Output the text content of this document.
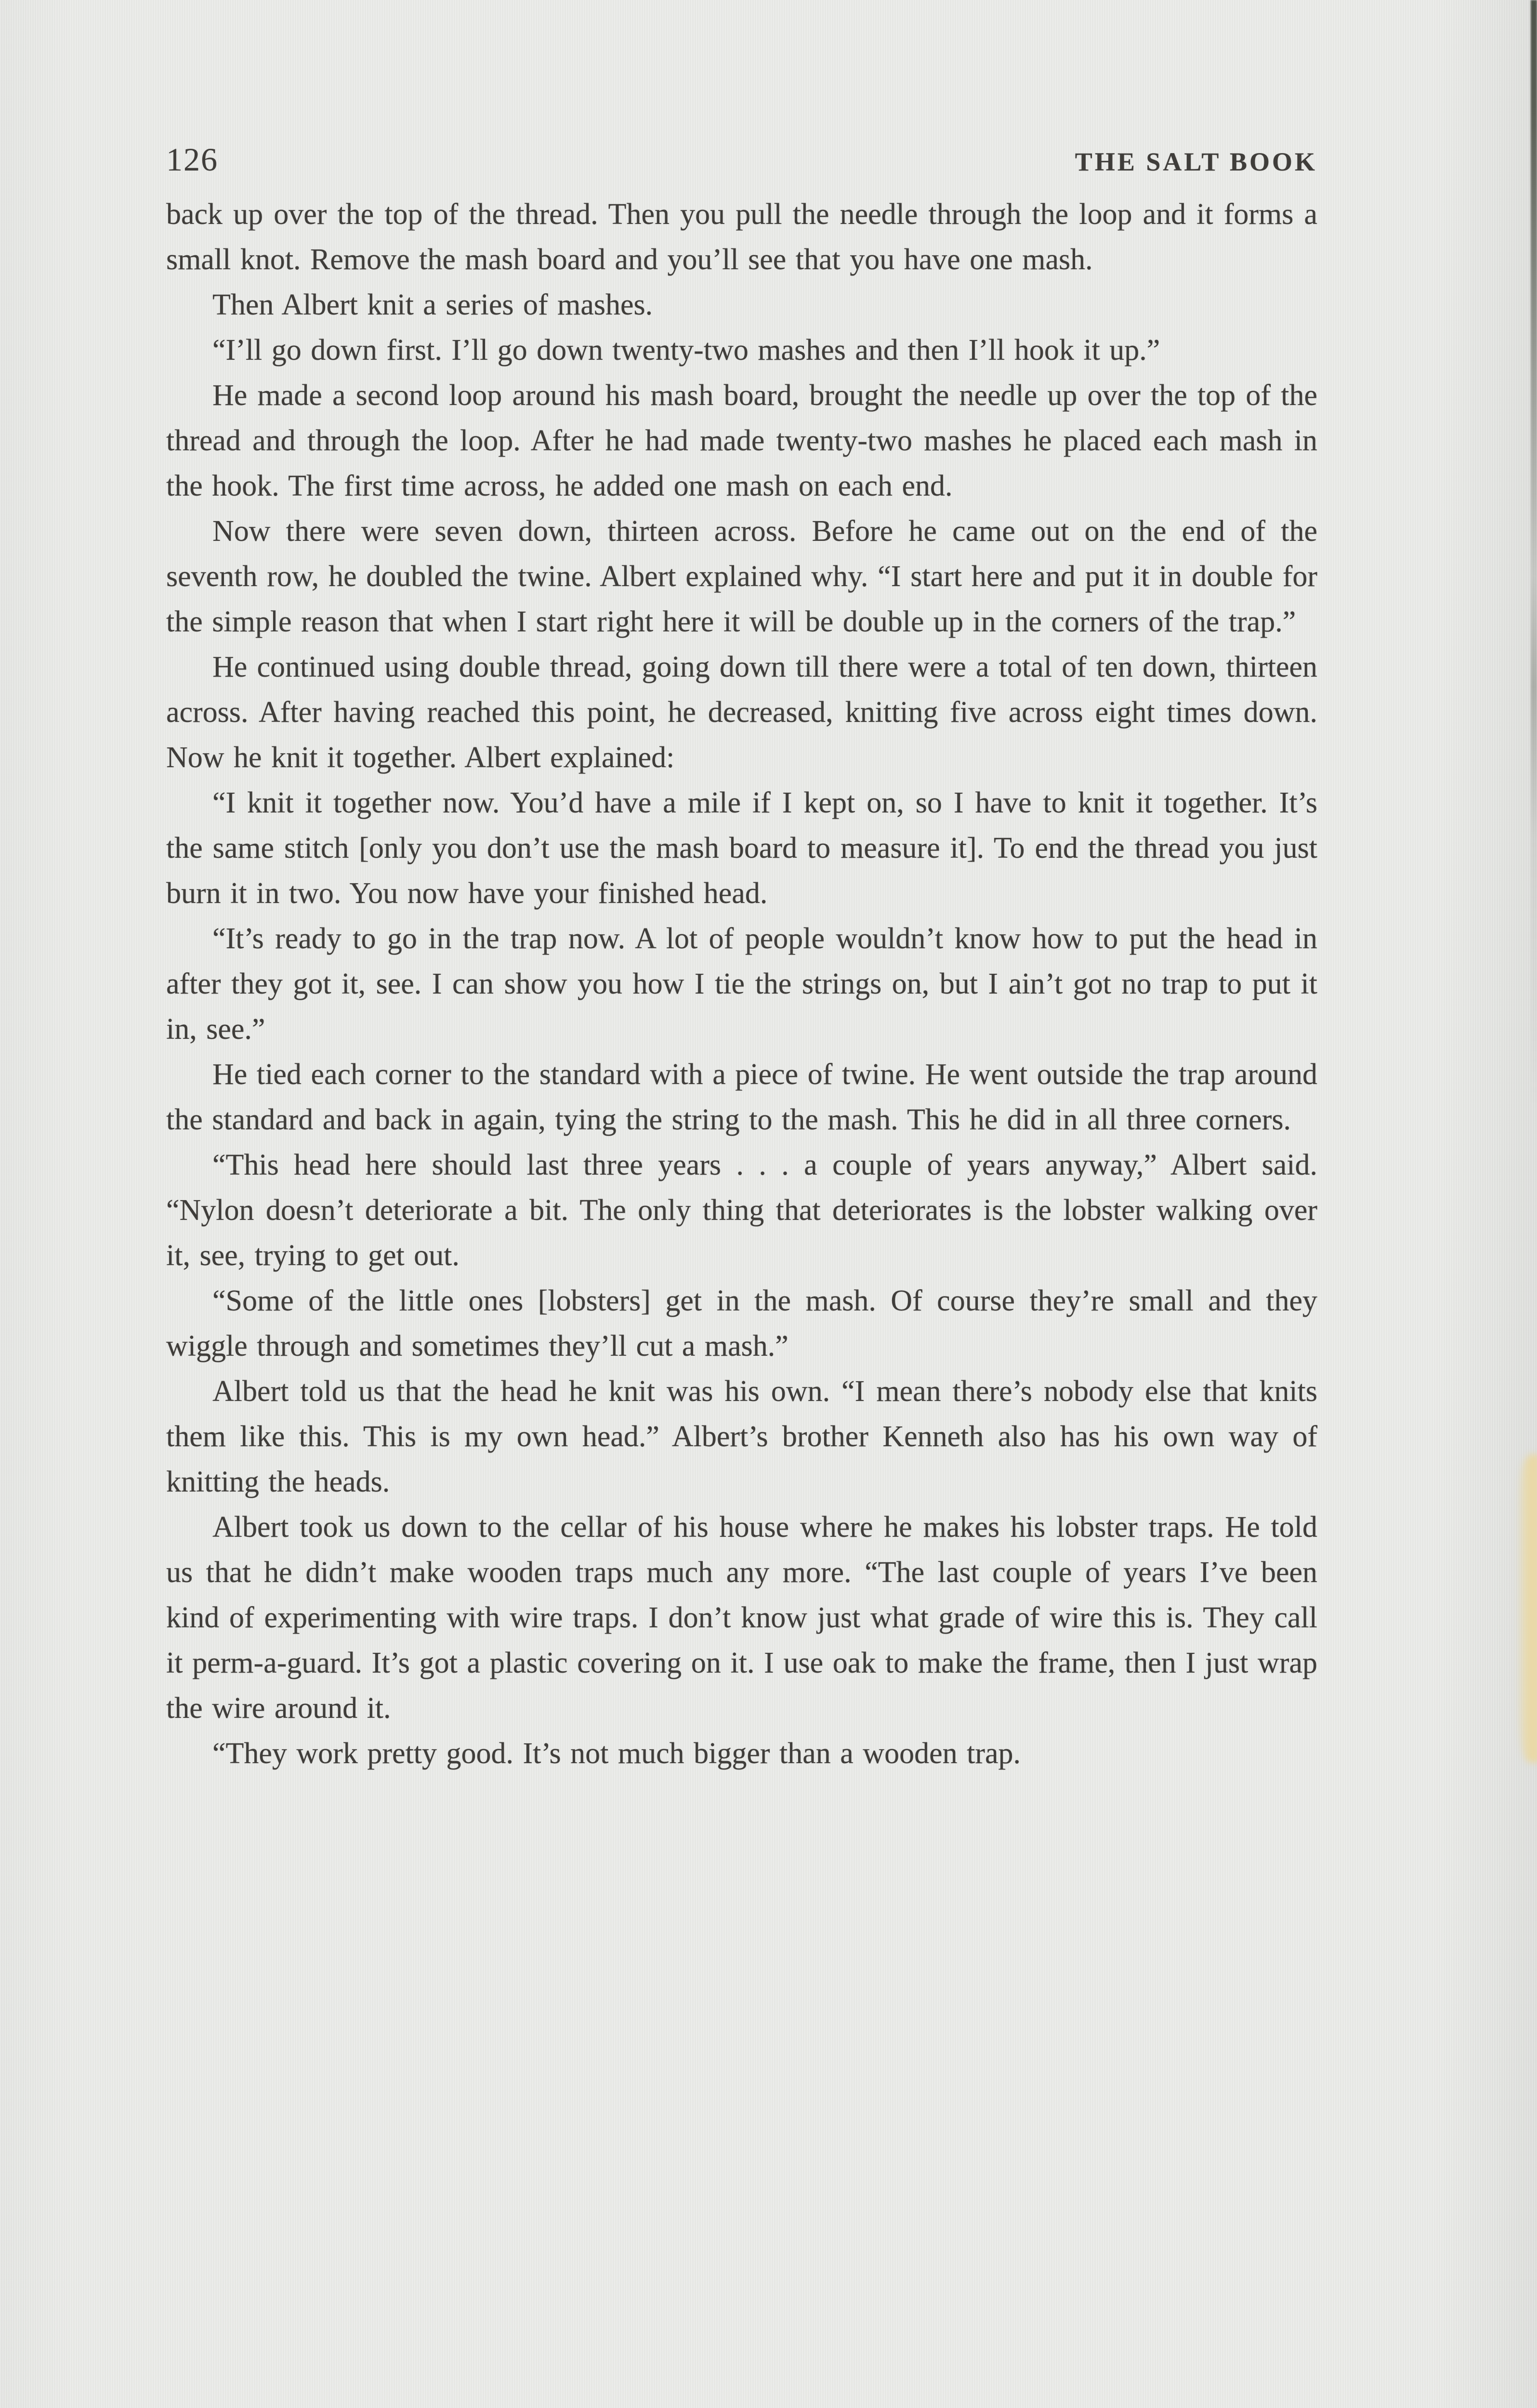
126	THE SALT BOOK

back up over the top of the thread. Then you pull the needle through the loop and it forms a small knot. Remove the mash board and you’ll see that you have one mash.

Then Albert knit a series of mashes.

“I’ll go down first. I’ll go down twenty-two mashes and then I’ll hook it up.”

He made a second loop around his mash board, brought the needle up over the top of the thread and through the loop. After he had made twenty-two mashes he placed each mash in the hook. The first time across, he added one mash on each end.

Now there were seven down, thirteen across. Before he came out on the end of the seventh row, he doubled the twine. Albert explained why. “I start here and put it in double for the simple reason that when I start right here it will be double up in the corners of the trap.”

He continued using double thread, going down till there were a total of ten down, thirteen across. After having reached this point, he decreased, knitting five across eight times down. Now he knit it together. Albert explained:

“I knit it together now. You’d have a mile if I kept on, so I have to knit it together. It’s the same stitch [only you don’t use the mash board to measure it]. To end the thread you just burn it in two. You now have your finished head.

“It’s ready to go in the trap now. A lot of people wouldn’t know how to put the head in after they got it, see. I can show you how I tie the strings on, but I ain’t got no trap to put it in, see.”

He tied each corner to the standard with a piece of twine. He went outside the trap around the standard and back in again, tying the string to the mash. This he did in all three corners.

“This head here should last three years . . . a couple of years anyway,” Albert said. “Nylon doesn’t deteriorate a bit. The only thing that deteriorates is the lobster walking over it, see, trying to get out.

“Some of the little ones [lobsters] get in the mash. Of course they’re small and they wiggle through and sometimes they’ll cut a mash.”

Albert told us that the head he knit was his own. “I mean there’s nobody else that knits them like this. This is my own head.” Albert’s brother Kenneth also has his own way of knitting the heads.

Albert took us down to the cellar of his house where he makes his lobster traps. He told us that he didn’t make wooden traps much any more. “The last couple of years I’ve been kind of experimenting with wire traps. I don’t know just what grade of wire this is. They call it perm-a-guard. It’s got a plastic covering on it. I use oak to make the frame, then I just wrap the wire around it.

“They work pretty good. It’s not much bigger than a wooden trap.
